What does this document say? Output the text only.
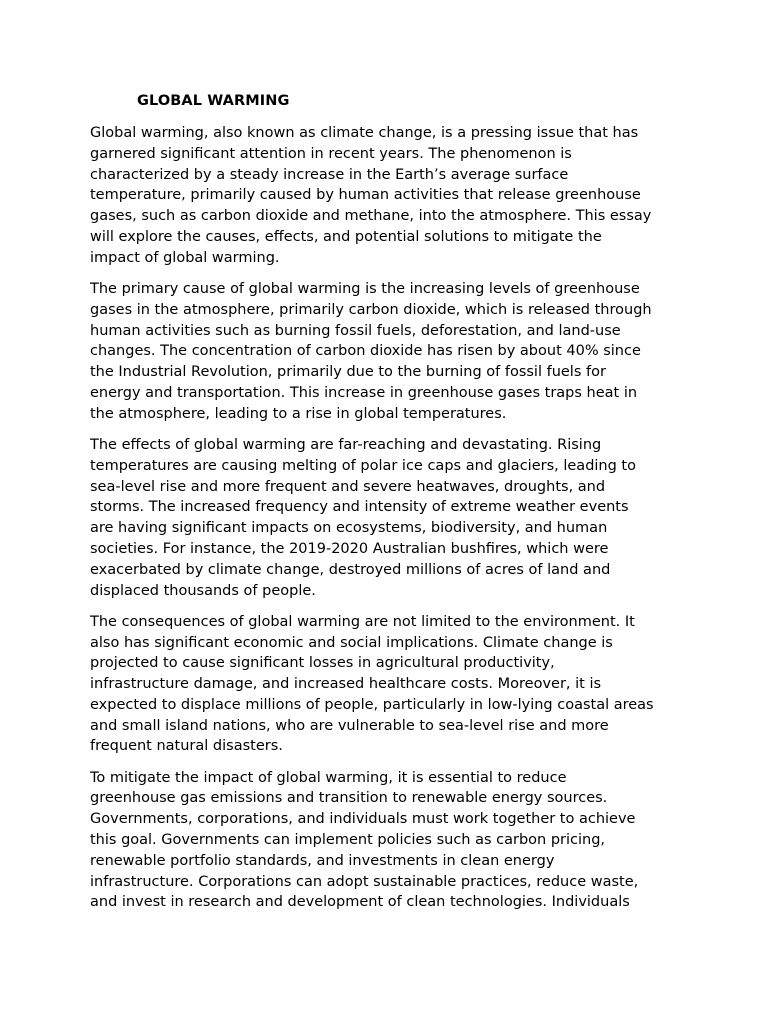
GLOBAL WARMING

Global warming, also known as climate change, is a pressing issue that has
garnered significant attention in recent years. The phenomenon is
characterized by a steady increase in the Earth’s average surface
temperature, primarily caused by human activities that release greenhouse
gases, such as carbon dioxide and methane, into the atmosphere. This essay
will explore the causes, effects, and potential solutions to mitigate the
impact of global warming.

The primary cause of global warming is the increasing levels of greenhouse
gases in the atmosphere, primarily carbon dioxide, which is released through
human activities such as burning fossil fuels, deforestation, and land-use
changes. The concentration of carbon dioxide has risen by about 40% since
the Industrial Revolution, primarily due to the burning of fossil fuels for
energy and transportation. This increase in greenhouse gases traps heat in
the atmosphere, leading to a rise in global temperatures.

The effects of global warming are far-reaching and devastating. Rising
temperatures are causing melting of polar ice caps and glaciers, leading to
sea-level rise and more frequent and severe heatwaves, droughts, and
storms. The increased frequency and intensity of extreme weather events
are having significant impacts on ecosystems, biodiversity, and human
societies. For instance, the 2019-2020 Australian bushfires, which were
exacerbated by climate change, destroyed millions of acres of land and
displaced thousands of people.

The consequences of global warming are not limited to the environment. It
also has significant economic and social implications. Climate change is
projected to cause significant losses in agricultural productivity,
infrastructure damage, and increased healthcare costs. Moreover, it is
expected to displace millions of people, particularly in low-lying coastal areas
and small island nations, who are vulnerable to sea-level rise and more
frequent natural disasters.

To mitigate the impact of global warming, it is essential to reduce
greenhouse gas emissions and transition to renewable energy sources.
Governments, corporations, and individuals must work together to achieve
this goal. Governments can implement policies such as carbon pricing,
renewable portfolio standards, and investments in clean energy
infrastructure. Corporations can adopt sustainable practices, reduce waste,
and invest in research and development of clean technologies. Individuals
